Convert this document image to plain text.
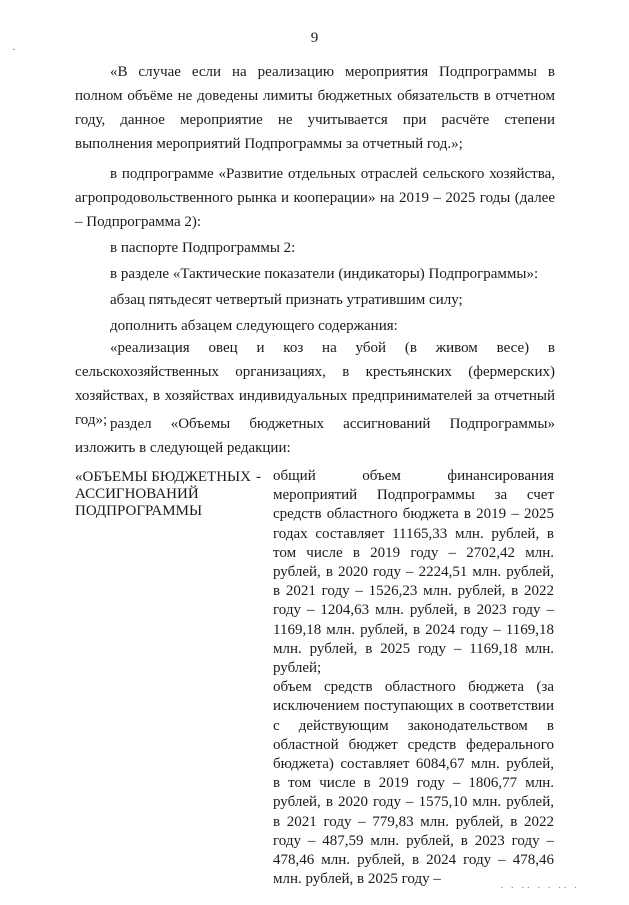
9
·
«В случае если на реализацию мероприятия Подпрограммы в полном объёме не доведены лимиты бюджетных обязательств в отчетном году, данное мероприятие не учитывается при расчёте степени выполнения мероприятий Подпрограммы за отчетный год.»;
в подпрограмме «Развитие отдельных отраслей сельского хозяйства, агропродовольственного рынка и кооперации» на 2019 – 2025 годы (далее – Подпрограмма 2):
в паспорте Подпрограммы 2:
в разделе «Тактические показатели (индикаторы) Подпрограммы»:
абзац пятьдесят четвертый признать утратившим силу;
дополнить абзацем следующего содержания:
«реализация овец и коз на убой (в живом весе) в сельскохозяйственных организациях, в крестьянских (фермерских) хозяйствах, в хозяйствах индивидуальных предпринимателей за отчетный год»; раздел «Объемы бюджетных ассигнований Подпрограммы» изложить в следующей редакции:
«ОБЪЕМЫ БЮДЖЕТНЫХ АССИГНОВАНИЙ ПОДПРОГРАММЫ
- общий объем финансирования мероприятий Подпрограммы за счет средств областного бюджета в 2019 – 2025 годах составляет 11165,33 млн. рублей, в том числе в 2019 году – 2702,42 млн. рублей, в 2020 году – 2224,51 млн. рублей, в 2021 году – 1526,23 млн. рублей, в 2022 году – 1204,63 млн. рублей, в 2023 году – 1169,18 млн. рублей, в 2024 году – 1169,18 млн. рублей, в 2025 году – 1169,18 млн. рублей;

объем средств областного бюджета (за исключением поступающих в соответствии с действующим законодательством в областной бюджет средств федерального бюджета) составляет 6084,67 млн. рублей, в том числе в 2019 году – 1806,77 млн. рублей, в 2020 году – 1575,10 млн. рублей, в 2021 году – 779,83 млн. рублей, в 2022 году – 487,59 млн. рублей, в 2023 году – 478,46 млн. рублей, в 2024 году – 478,46 млн. рублей, в 2025 году –

· · ·· · · ·· ·
